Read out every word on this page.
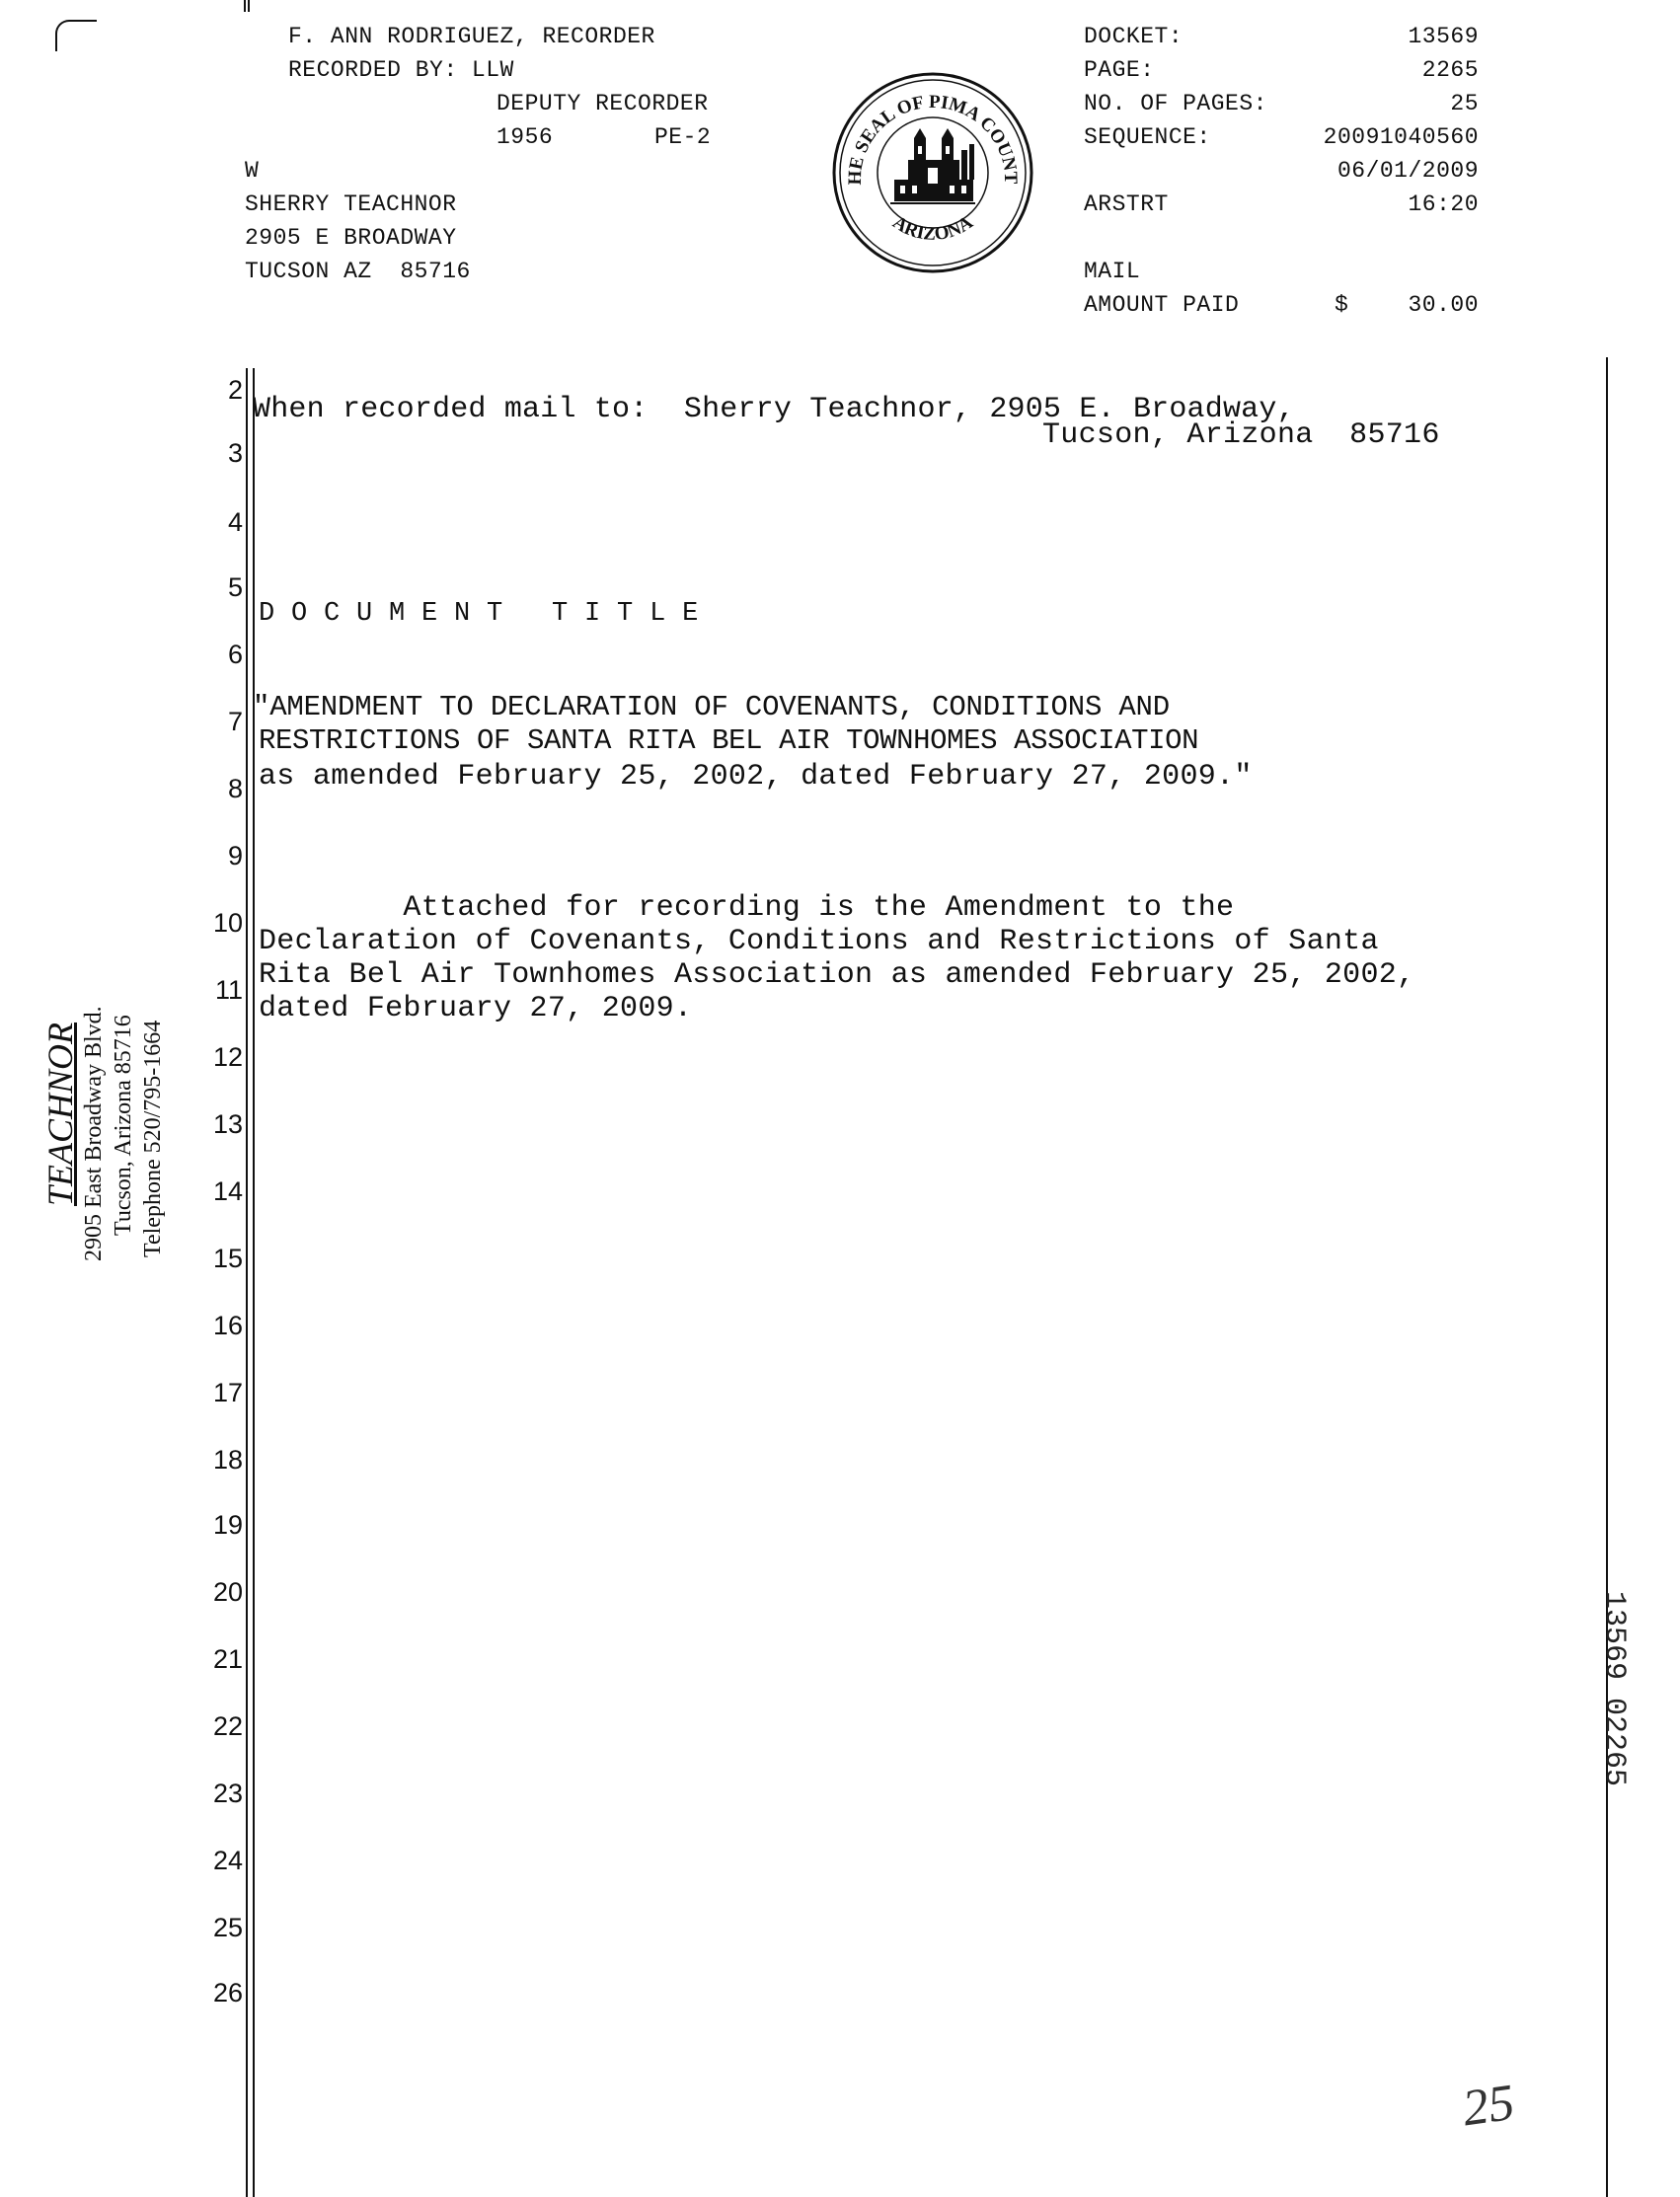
F. ANN RODRIGUEZ, RECORDER
RECORDED BY: LLW
DEPUTY RECORDER
1956	PE-2
W
SHERRY TEACHNOR
2905 E BROADWAY
TUCSON AZ  85716
HE SEAL OF PIMA COUNT
ARIZONA
DOCKET:	13569
PAGE:	2265
NO. OF PAGES:	25
SEQUENCE:	20091040560
06/01/2009
ARSTRT	16:20
MAIL
AMOUNT PAID	$	30.00
2
3
4
5
6
7
8
9
10
11
12
13
14
15
16
17
18
19
20
21
22
23
24
25
26
When recorded mail to:  Sherry Teachnor, 2905 E. Broadway,
Tucson, Arizona  85716
D O C U M E N T   T I T L E
"AMENDMENT TO DECLARATION OF COVENANTS, CONDITIONS AND
RESTRICTIONS OF SANTA RITA BEL AIR TOWNHOMES ASSOCIATION
as amended February 25, 2002, dated February 27, 2009."
Attached for recording is the Amendment to the
Declaration of Covenants, Conditions and Restrictions of Santa
Rita Bel Air Townhomes Association as amended February 25, 2002,
dated February 27, 2009.
TEACHNOR 2905 East Broadway Blvd. Tucson, Arizona 85716 Telephone 520/795-1664
13569 02265
25
